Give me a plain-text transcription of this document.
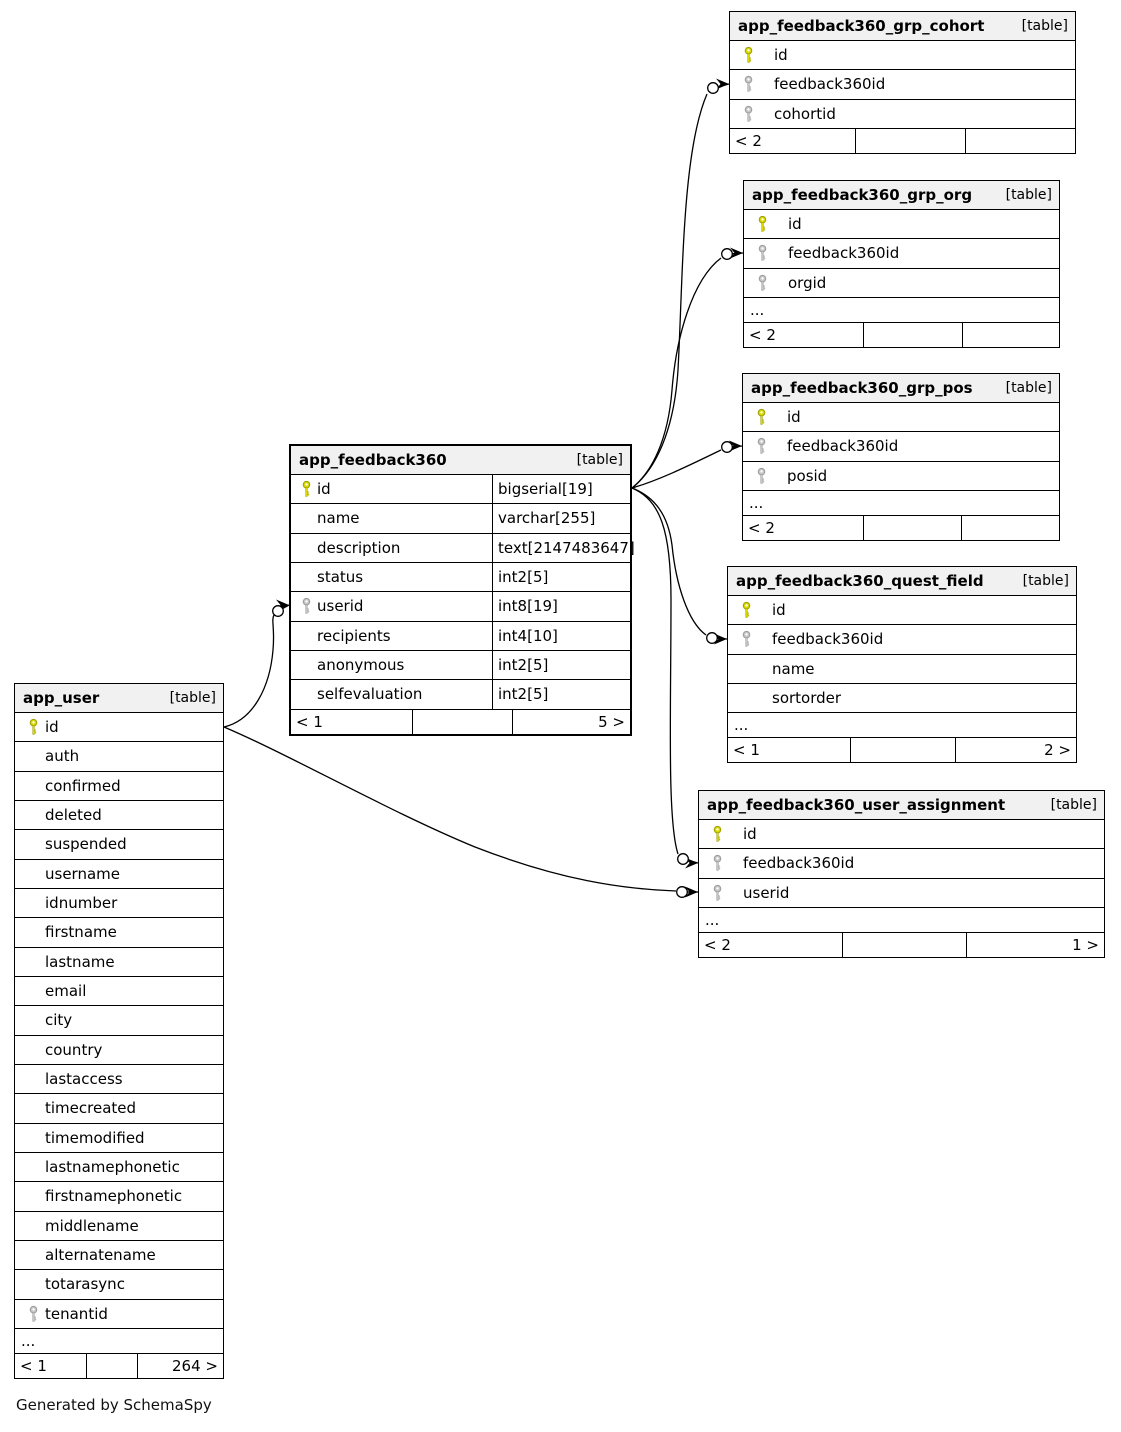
app_feedback360_grp_cohort	[table]
id
feedback360id
cohortid
< 2
app_feedback360_grp_org [table]
id
feedback360id
orgid
...
< 2
app_feedback360_grp_pos [table]
id
feedback360id
posid
...
< 2
app_feedback360_quest_field	[table]
id
feedback360id
name
sortorder
...
< 1	2 >
app_feedback360_user_assignment	[table]
id
feedback360id
userid
...
< 2	1 >
app_feedback360	[table]
id	bigserial[19]
name	varchar[255]
description	text[2147483647]
status	int2[5]
userid	int8[19]
recipients	int4[10]
anonymous	int2[5]
selfevaluation	int2[5]
< 1	5 >
app_user	[table]
id
auth
confirmed
deleted
suspended
username
idnumber
firstname
lastname
email
city
country
lastaccess
timecreated
timemodified
lastnamephonetic
firstnamephonetic
middlename
alternatename
totarasync
tenantid
...
< 1	264 >
Generated by SchemaSpy
